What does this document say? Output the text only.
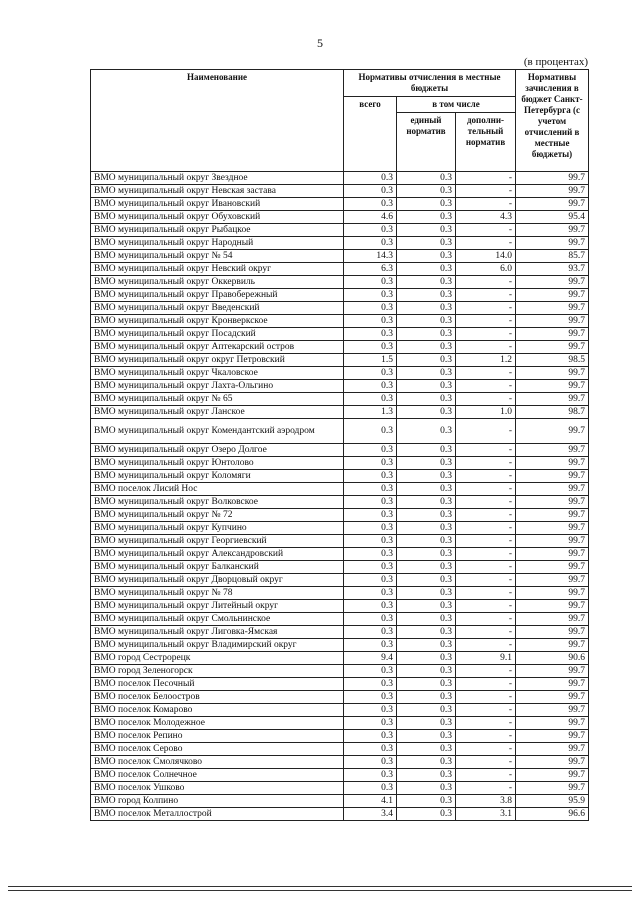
5
(в процентах)
Наименование	Нормативы отчисления в местные бюджеты			Нормативы зачисления в бюджет Санкт-Петербурга (с учетом отчислений в местные бюджеты)
	всего	в том числе		
		единый норматив	дополни-тельный норматив	
ВМО муниципальный округ Звездное	0.3	0.3	-	99.7
ВМО муниципальный округ Невская застава	0.3	0.3	-	99.7
ВМО муниципальный округ Ивановский	0.3	0.3	-	99.7
ВМО муниципальный округ Обуховский	4.6	0.3	4.3	95.4
ВМО муниципальный округ Рыбацкое	0.3	0.3	-	99.7
ВМО муниципальный округ Народный	0.3	0.3	-	99.7
ВМО муниципальный округ № 54	14.3	0.3	14.0	85.7
ВМО муниципальный округ Невский округ	6.3	0.3	6.0	93.7
ВМО муниципальный округ Оккервиль	0.3	0.3	-	99.7
ВМО муниципальный округ Правобережный	0.3	0.3	-	99.7
ВМО муниципальный округ Введенский	0.3	0.3	-	99.7
ВМО муниципальный округ Кронверкское	0.3	0.3	-	99.7
ВМО муниципальный округ Посадский	0.3	0.3	-	99.7
ВМО муниципальный округ Аптекарский остров	0.3	0.3	-	99.7
ВМО муниципальный округ округ Петровский	1.5	0.3	1.2	98.5
ВМО муниципальный округ Чкаловское	0.3	0.3	-	99.7
ВМО муниципальный округ Лахта-Ольгино	0.3	0.3	-	99.7
ВМО муниципальный округ № 65	0.3	0.3	-	99.7
ВМО муниципальный округ Ланское	1.3	0.3	1.0	98.7
ВМО муниципальный округ Комендантский аэродром	0.3	0.3	-	99.7
ВМО муниципальный округ Озеро Долгое	0.3	0.3	-	99.7
ВМО муниципальный округ Юнтолово	0.3	0.3	-	99.7
ВМО муниципальный округ Коломяги	0.3	0.3	-	99.7
ВМО поселок Лисий Нос	0.3	0.3	-	99.7
ВМО муниципальный округ Волковское	0.3	0.3	-	99.7
ВМО муниципальный округ № 72	0.3	0.3	-	99.7
ВМО муниципальный округ Купчино	0.3	0.3	-	99.7
ВМО муниципальный округ Георгиевский	0.3	0.3	-	99.7
ВМО муниципальный округ Александровский	0.3	0.3	-	99.7
ВМО муниципальный округ Балканский	0.3	0.3	-	99.7
ВМО муниципальный округ Дворцовый округ	0.3	0.3	-	99.7
ВМО муниципальный округ № 78	0.3	0.3	-	99.7
ВМО муниципальный округ Литейный округ	0.3	0.3	-	99.7
ВМО муниципальный округ Смольнинское	0.3	0.3	-	99.7
ВМО муниципальный округ Лиговка-Ямская	0.3	0.3	-	99.7
ВМО муниципальный округ Владимирский округ	0.3	0.3	-	99.7
ВМО город Сестрорецк	9.4	0.3	9.1	90.6
ВМО город Зеленогорск	0.3	0.3	-	99.7
ВМО поселок Песочный	0.3	0.3	-	99.7
ВМО поселок Белоостров	0.3	0.3	-	99.7
ВМО поселок Комарово	0.3	0.3	-	99.7
ВМО поселок Молодежное	0.3	0.3	-	99.7
ВМО поселок Репино	0.3	0.3	-	99.7
ВМО поселок Серово	0.3	0.3	-	99.7
ВМО поселок Смолячково	0.3	0.3	-	99.7
ВМО поселок Солнечное	0.3	0.3	-	99.7
ВМО поселок Ушково	0.3	0.3	-	99.7
ВМО город Колпино	4.1	0.3	3.8	95.9
ВМО поселок Металлострой	3.4	0.3	3.1	96.6
